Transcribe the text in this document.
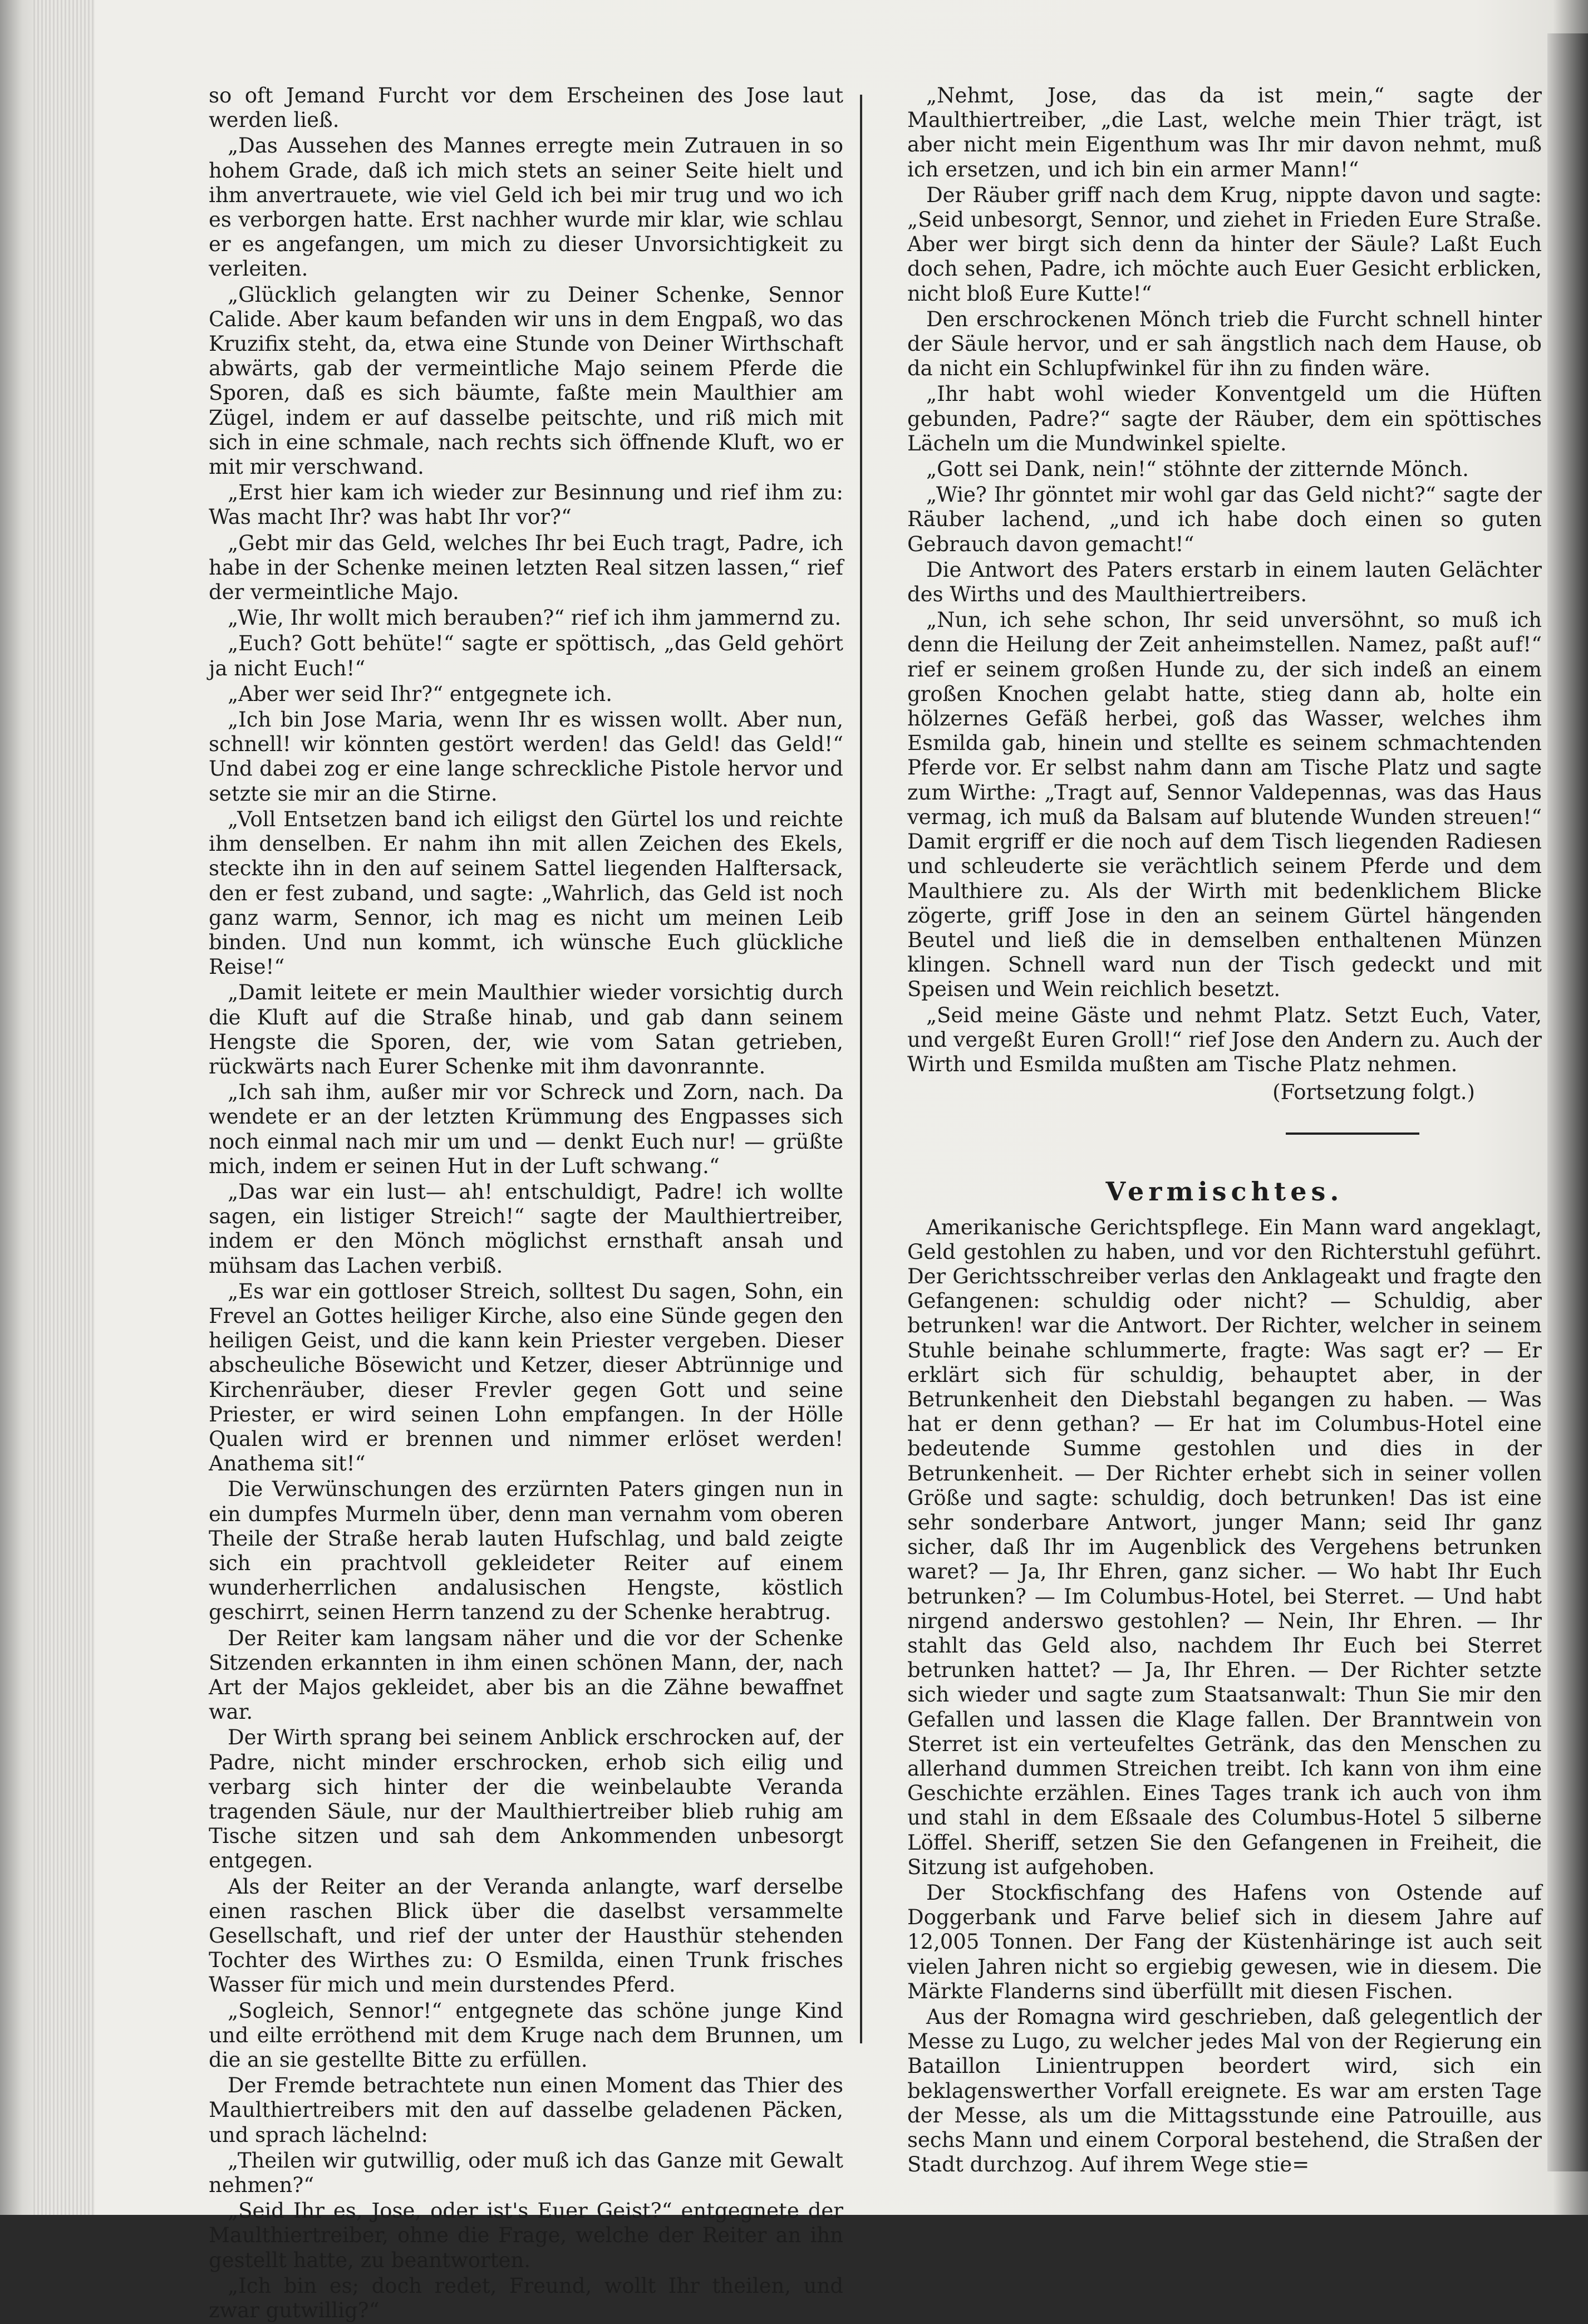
so oft Jemand Furcht vor dem Erscheinen des Jose laut werden ließ.

„Das Aussehen des Mannes erregte mein Zutrauen in so hohem Grade, daß ich mich stets an seiner Seite hielt und ihm anvertrauete, wie viel Geld ich bei mir trug und wo ich es verborgen hatte. Erst nachher wurde mir klar, wie schlau er es angefangen, um mich zu dieser Unvorsichtigkeit zu verleiten.

„Glücklich gelangten wir zu Deiner Schenke, Sennor Calide. Aber kaum befanden wir uns in dem Engpaß, wo das Kruzifix steht, da, etwa eine Stunde von Deiner Wirthschaft abwärts, gab der vermeintliche Majo seinem Pferde die Sporen, daß es sich bäumte, faßte mein Maulthier am Zügel, indem er auf dasselbe peitschte, und riß mich mit sich in eine schmale, nach rechts sich öffnende Kluft, wo er mit mir verschwand.

„Erst hier kam ich wieder zur Besinnung und rief ihm zu: Was macht Ihr? was habt Ihr vor?“

„Gebt mir das Geld, welches Ihr bei Euch tragt, Padre, ich habe in der Schenke meinen letzten Real sitzen lassen,“ rief der vermeintliche Majo.

„Wie, Ihr wollt mich berauben?“ rief ich ihm jammernd zu.

„Euch? Gott behüte!“ sagte er spöttisch, „das Geld gehört ja nicht Euch!“

„Aber wer seid Ihr?“ entgegnete ich.

„Ich bin Jose Maria, wenn Ihr es wissen wollt. Aber nun, schnell! wir könnten gestört werden! das Geld! das Geld!“ Und dabei zog er eine lange schreckliche Pistole hervor und setzte sie mir an die Stirne.

„Voll Entsetzen band ich eiligst den Gürtel los und reichte ihm denselben. Er nahm ihn mit allen Zeichen des Ekels, steckte ihn in den auf seinem Sattel liegenden Halftersack, den er fest zuband, und sagte: „Wahrlich, das Geld ist noch ganz warm, Sennor, ich mag es nicht um meinen Leib binden. Und nun kommt, ich wünsche Euch glückliche Reise!“

„Damit leitete er mein Maulthier wieder vorsichtig durch die Kluft auf die Straße hinab, und gab dann seinem Hengste die Sporen, der, wie vom Satan getrieben, rückwärts nach Eurer Schenke mit ihm davonrannte.

„Ich sah ihm, außer mir vor Schreck und Zorn, nach. Da wendete er an der letzten Krümmung des Engpasses sich noch einmal nach mir um und — denkt Euch nur! — grüßte mich, indem er seinen Hut in der Luft schwang.“

„Das war ein lust— ah! entschuldigt, Padre! ich wollte sagen, ein listiger Streich!“ sagte der Maulthiertreiber, indem er den Mönch möglichst ernsthaft ansah und mühsam das Lachen verbiß.

„Es war ein gottloser Streich, solltest Du sagen, Sohn, ein Frevel an Gottes heiliger Kirche, also eine Sünde gegen den heiligen Geist, und die kann kein Priester vergeben. Dieser abscheuliche Bösewicht und Ketzer, dieser Abtrünnige und Kirchenräuber, dieser Frevler gegen Gott und seine Priester, er wird seinen Lohn empfangen. In der Hölle Qualen wird er brennen und nimmer erlöset werden! Anathema sit!“

Die Verwünschungen des erzürnten Paters gingen nun in ein dumpfes Murmeln über, denn man vernahm vom oberen Theile der Straße herab lauten Hufschlag, und bald zeigte sich ein prachtvoll gekleideter Reiter auf einem wunderherrlichen andalusischen Hengste, köstlich geschirrt, seinen Herrn tanzend zu der Schenke herabtrug.

Der Reiter kam langsam näher und die vor der Schenke Sitzenden erkannten in ihm einen schönen Mann, der, nach Art der Majos gekleidet, aber bis an die Zähne bewaffnet war.

Der Wirth sprang bei seinem Anblick erschrocken auf, der Padre, nicht minder erschrocken, erhob sich eilig und verbarg sich hinter der die weinbelaubte Veranda tragenden Säule, nur der Maulthiertreiber blieb ruhig am Tische sitzen und sah dem Ankommenden unbesorgt entgegen.

Als der Reiter an der Veranda anlangte, warf derselbe einen raschen Blick über die daselbst versammelte Gesellschaft, und rief der unter der Hausthür stehenden Tochter des Wirthes zu: O Esmilda, einen Trunk frisches Wasser für mich und mein durstendes Pferd.

„Sogleich, Sennor!“ entgegnete das schöne junge Kind und eilte erröthend mit dem Kruge nach dem Brunnen, um die an sie gestellte Bitte zu erfüllen.

Der Fremde betrachtete nun einen Moment das Thier des Maulthiertreibers mit den auf dasselbe geladenen Päcken, und sprach lächelnd:

„Theilen wir gutwillig, oder muß ich das Ganze mit Gewalt nehmen?“

„Seid Ihr es, Jose, oder ist's Euer Geist?“ entgegnete der Maulthiertreiber, ohne die Frage, welche der Reiter an ihn gestellt hatte, zu beantworten.

„Ich bin es; doch redet, Freund, wollt Ihr theilen, und zwar gutwillig?“

„Nehmt, Jose, das da ist mein,“ sagte der Maulthiertreiber, „die Last, welche mein Thier trägt, ist aber nicht mein Eigenthum was Ihr mir davon nehmt, muß ich ersetzen, und ich bin ein armer Mann!“

Der Räuber griff nach dem Krug, nippte davon und sagte: „Seid unbesorgt, Sennor, und ziehet in Frieden Eure Straße. Aber wer birgt sich denn da hinter der Säule? Laßt Euch doch sehen, Padre, ich möchte auch Euer Gesicht erblicken, nicht bloß Eure Kutte!“

Den erschrockenen Mönch trieb die Furcht schnell hinter der Säule hervor, und er sah ängstlich nach dem Hause, ob da nicht ein Schlupfwinkel für ihn zu finden wäre.

„Ihr habt wohl wieder Konventgeld um die Hüften gebunden, Padre?“ sagte der Räuber, dem ein spöttisches Lächeln um die Mundwinkel spielte.

„Gott sei Dank, nein!“ stöhnte der zitternde Mönch.

„Wie? Ihr gönntet mir wohl gar das Geld nicht?“ sagte der Räuber lachend, „und ich habe doch einen so guten Gebrauch davon gemacht!“

Die Antwort des Paters erstarb in einem lauten Gelächter des Wirths und des Maulthiertreibers.

„Nun, ich sehe schon, Ihr seid unversöhnt, so muß ich denn die Heilung der Zeit anheimstellen. Namez, paßt auf!“ rief er seinem großen Hunde zu, der sich indeß an einem großen Knochen gelabt hatte, stieg dann ab, holte ein hölzernes Gefäß herbei, goß das Wasser, welches ihm Esmilda gab, hinein und stellte es seinem schmachtenden Pferde vor. Er selbst nahm dann am Tische Platz und sagte zum Wirthe: „Tragt auf, Sennor Valdepennas, was das Haus vermag, ich muß da Balsam auf blutende Wunden streuen!“ Damit ergriff er die noch auf dem Tisch liegenden Radiesen und schleuderte sie verächtlich seinem Pferde und dem Maulthiere zu. Als der Wirth mit bedenklichem Blicke zögerte, griff Jose in den an seinem Gürtel hängenden Beutel und ließ die in demselben enthaltenen Münzen klingen. Schnell ward nun der Tisch gedeckt und mit Speisen und Wein reichlich besetzt.

„Seid meine Gäste und nehmt Platz. Setzt Euch, Vater, und vergeßt Euren Groll!“ rief Jose den Andern zu. Auch der Wirth und Esmilda mußten am Tische Platz nehmen.

(Fortsetzung folgt.)
Vermischtes.

Amerikanische Gerichtspflege. Ein Mann ward angeklagt, Geld gestohlen zu haben, und vor den Richterstuhl geführt. Der Gerichtsschreiber verlas den Anklageakt und fragte den Gefangenen: schuldig oder nicht? — Schuldig, aber betrunken! war die Antwort. Der Richter, welcher in seinem Stuhle beinahe schlummerte, fragte: Was sagt er? — Er erklärt sich für schuldig, behauptet aber, in der Betrunkenheit den Diebstahl begangen zu haben. — Was hat er denn gethan? — Er hat im Columbus-Hotel eine bedeutende Summe gestohlen und dies in der Betrunkenheit. — Der Richter erhebt sich in seiner vollen Größe und sagte: schuldig, doch betrunken! Das ist eine sehr sonderbare Antwort, junger Mann; seid Ihr ganz sicher, daß Ihr im Augenblick des Vergehens betrunken waret? — Ja, Ihr Ehren, ganz sicher. — Wo habt Ihr Euch betrunken? — Im Columbus-Hotel, bei Sterret. — Und habt nirgend anderswo gestohlen? — Nein, Ihr Ehren. — Ihr stahlt das Geld also, nachdem Ihr Euch bei Sterret betrunken hattet? — Ja, Ihr Ehren. — Der Richter setzte sich wieder und sagte zum Staatsanwalt: Thun Sie mir den Gefallen und lassen die Klage fallen. Der Branntwein von Sterret ist ein verteufeltes Getränk, das den Menschen zu allerhand dummen Streichen treibt. Ich kann von ihm eine Geschichte erzählen. Eines Tages trank ich auch von ihm und stahl in dem Eßsaale des Columbus-Hotel 5 silberne Löffel. Sheriff, setzen Sie den Gefangenen in Freiheit, die Sitzung ist aufgehoben.

Der Stockfischfang des Hafens von Ostende auf Doggerbank und Farve belief sich in diesem Jahre auf 12,005 Tonnen. Der Fang der Küstenhäringe ist auch seit vielen Jahren nicht so ergiebig gewesen, wie in diesem. Die Märkte Flanderns sind überfüllt mit diesen Fischen.

Aus der Romagna wird geschrieben, daß gelegentlich der Messe zu Lugo, zu welcher jedes Mal von der Regierung ein Bataillon Linientruppen beordert wird, sich ein beklagenswerther Vorfall ereignete. Es war am ersten Tage der Messe, als um die Mittagsstunde eine Patrouille, aus sechs Mann und einem Corporal bestehend, die Straßen der Stadt durchzog. Auf ihrem Wege stie=
